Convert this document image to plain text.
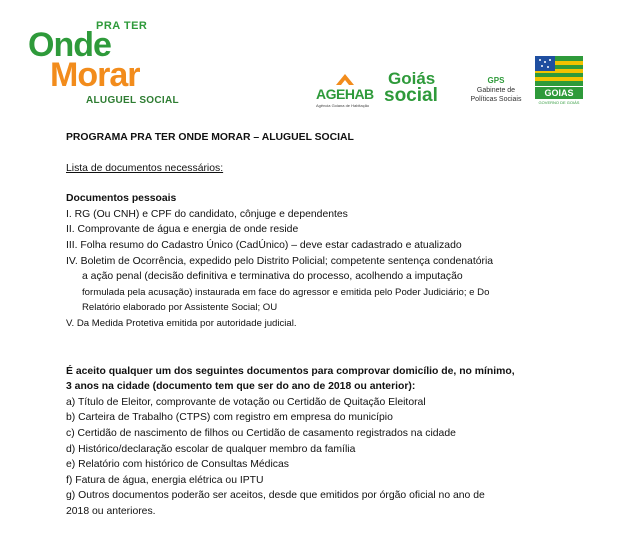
PRA TER
Onde
Morar
ALUGUEL SOCIAL	AGEHAB
Agência Goiana de Habitação
Goiás
social
GPS
Gabinete de
Políticas Sociais
GOIAS
GOVERNO DE GOIÁS

PROGRAMA PRA TER ONDE MORAR – ALUGUEL SOCIAL

Lista de documentos necessários:

Documentos pessoais

I. RG (Ou CNH) e CPF do candidato, cônjuge e dependentes

II. Comprovante de água e energia de onde reside

III. Folha resumo do Cadastro Único (CadÚnico) – deve estar cadastrado e atualizado

IV. Boletim de Ocorrência, expedido pelo Distrito Policial; competente sentença condenatória

a ação penal (decisão definitiva e terminativa do processo, acolhendo a imputação

formulada pela acusação) instaurada em face do agressor e emitida pelo Poder Judiciário; e Do

Relatório elaborado por Assistente Social; OU

V. Da Medida Protetiva emitida por autoridade judicial.

É aceito qualquer um dos seguintes documentos para comprovar domicílio de, no mínimo,

3 anos na cidade (documento tem que ser do ano de 2018 ou anterior):

a) Título de Eleitor, comprovante de votação ou Certidão de Quitação Eleitoral

b) Carteira de Trabalho (CTPS) com registro em empresa do município

c) Certidão de nascimento de filhos ou Certidão de casamento registrados na cidade

d) Histórico/declaração escolar de qualquer membro da família

e) Relatório com histórico de Consultas Médicas

f) Fatura de água, energia elétrica ou IPTU

g) Outros documentos poderão ser aceitos, desde que emitidos por órgão oficial no ano de

2018 ou anteriores.
